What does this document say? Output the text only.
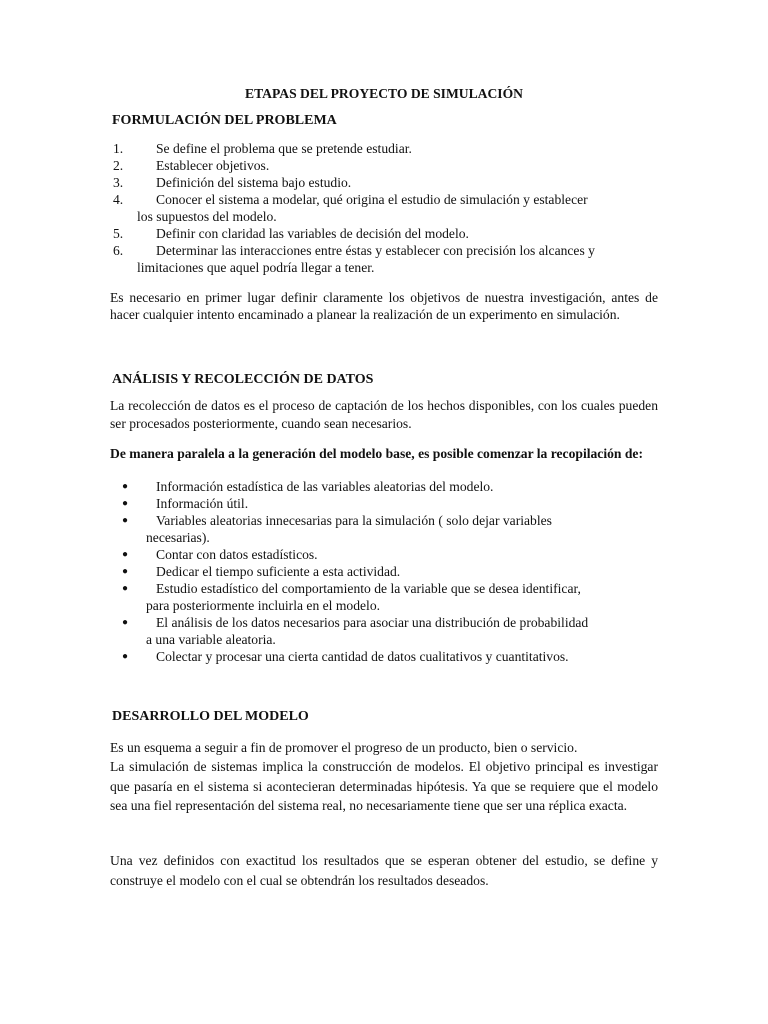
ETAPAS DEL PROYECTO DE SIMULACIÓN
FORMULACIÓN DEL PROBLEMA
1. Se define el problema que se pretende estudiar.
2. Establecer objetivos.
3. Definición del sistema bajo estudio.
4. Conocer el sistema a modelar, qué origina el estudio de simulación y establecer
los supuestos del modelo.
5. Definir con claridad las variables de decisión del modelo.
6. Determinar las interacciones entre éstas y establecer con precisión los alcances y
limitaciones que aquel podría llegar a tener.

Es necesario en primer lugar definir claramente los objetivos de nuestra investigación, antes de hacer cualquier intento encaminado a planear la realización de un experimento en simulación.

ANÁLISIS Y RECOLECCIÓN DE DATOS

La recolección de datos es el proceso de captación de los hechos disponibles, con los cuales pueden ser procesados posteriormente, cuando sean necesarios.

De manera paralela a la generación del modelo base, es posible comenzar la recopilación de:

● Información estadística de las variables aleatorias del modelo.
● Información útil.
● Variables aleatorias innecesarias para la simulación ( solo dejar variables
necesarias).
● Contar con datos estadísticos.
● Dedicar el tiempo suficiente a esta actividad.
● Estudio estadístico del comportamiento de la variable que se desea identificar,
para posteriormente incluirla en el modelo.
● El análisis de los datos necesarios para asociar una distribución de probabilidad
a una variable aleatoria.
● Colectar y procesar una cierta cantidad de datos cualitativos y cuantitativos.
DESARROLLO DEL MODELO

Es un esquema a seguir a fin de promover el progreso de un producto, bien o servicio.

La simulación de sistemas implica la construcción de modelos. El objetivo principal es investigar que pasaría en el sistema si acontecieran determinadas hipótesis. Ya que se requiere que el modelo sea una fiel representación del sistema real, no necesariamente tiene que ser una réplica exacta.

Una vez definidos con exactitud los resultados que se esperan obtener del estudio, se define y construye el modelo con el cual se obtendrán los resultados deseados.
